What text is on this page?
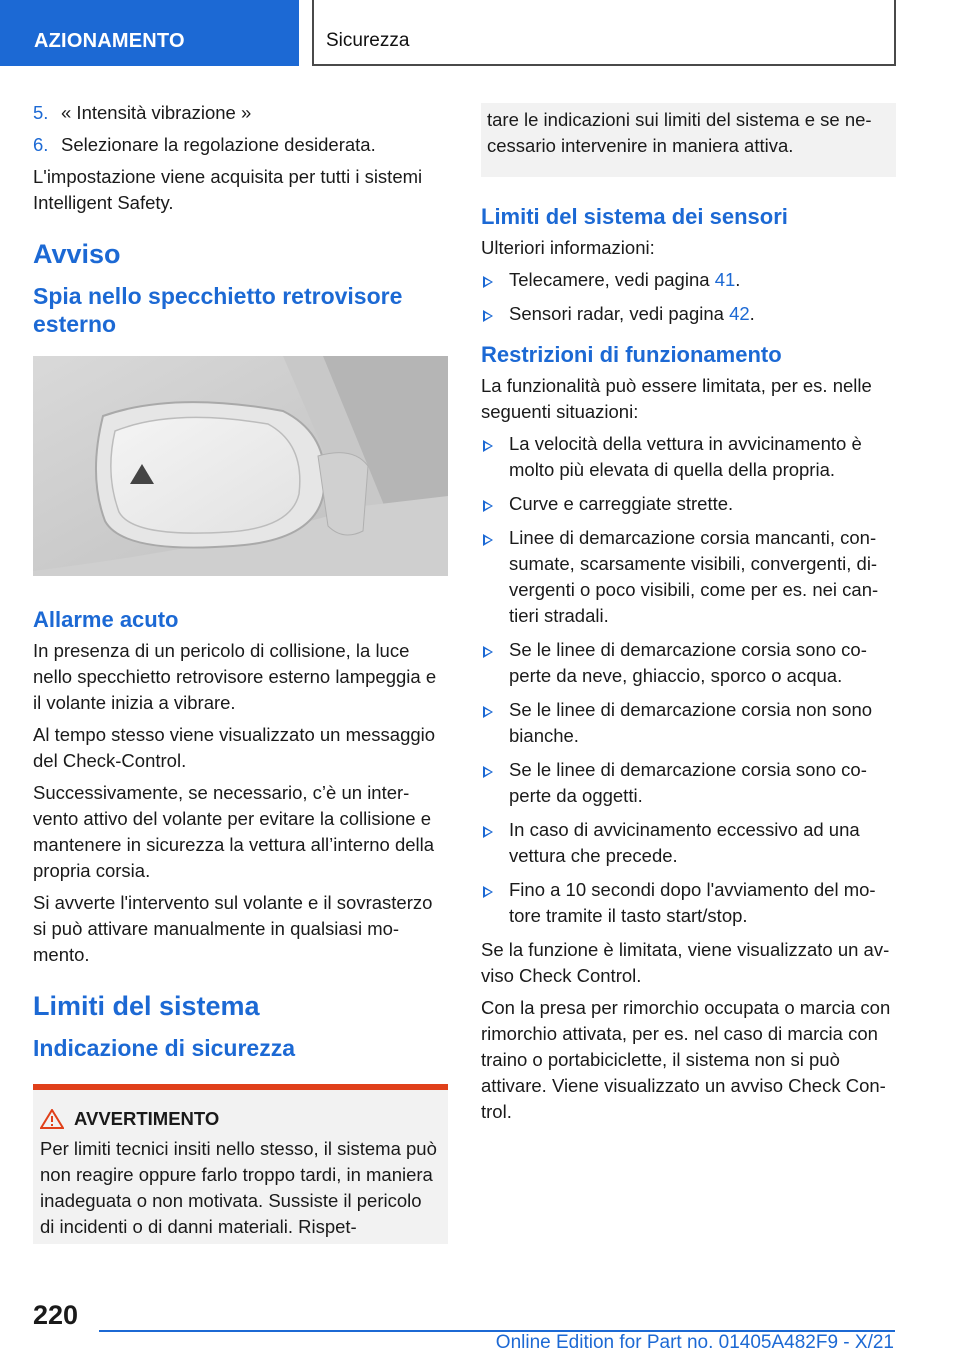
AZIONAMENTO	Sicurezza
5. « Intensità vibrazione »
6. Selezionare la regolazione desiderata.

L'impostazione viene acquisita per tutti i sistemi Intelligent Safety.

Avviso
Spia nello specchietto retrovisore esterno
Allarme acuto

In presenza di un pericolo di collisione, la luce nello specchietto retrovisore esterno lampeggia e il volante inizia a vibrare.

Al tempo stesso viene visualizzato un messaggio del Check-Control.

Successivamente, se necessario, c’è un inter-vento attivo del volante per evitare la collisione e mantenere in sicurezza la vettura all’interno della propria corsia.

Si avverte l'intervento sul volante e il sovrasterzo si può attivare manualmente in qualsiasi mo-mento.

Limiti del sistema
Indicazione di sicurezza
AVVERTIMENTO
Per limiti tecnici insiti nello stesso, il sistema può non reagire oppure farlo troppo tardi, in maniera inadeguata o non motivata. Sussiste il pericolo di incidenti o di danni materiali. Rispet-
tare le indicazioni sui limiti del sistema e se ne-cessario intervenire in maniera attiva.
Limiti del sistema dei sensori

Ulteriori informazioni:

Telecamere, vedi pagina 41.
Sensori radar, vedi pagina 42.
Restrizioni di funzionamento

La funzionalità può essere limitata, per es. nelle seguenti situazioni:

La velocità della vettura in avvicinamento è molto più elevata di quella della propria.
Curve e carreggiate strette.
Linee di demarcazione corsia mancanti, con-sumate, scarsamente visibili, convergenti, di-vergenti o poco visibili, come per es. nei can-tieri stradali.
Se le linee di demarcazione corsia sono co-perte da neve, ghiaccio, sporco o acqua.
Se le linee di demarcazione corsia non sono bianche.
Se le linee di demarcazione corsia sono co-perte da oggetti.
In caso di avvicinamento eccessivo ad una vettura che precede.
Fino a 10 secondi dopo l'avviamento del mo-tore tramite il tasto start/stop.

Se la funzione è limitata, viene visualizzato un av-viso Check Control.

Con la presa per rimorchio occupata o marcia con rimorchio attivata, per es. nel caso di marcia con traino o portabiciclette, il sistema non si può attivare. Viene visualizzato un avviso Check Con-trol.

220
Online Edition for Part no. 01405A482F9 - X/21
